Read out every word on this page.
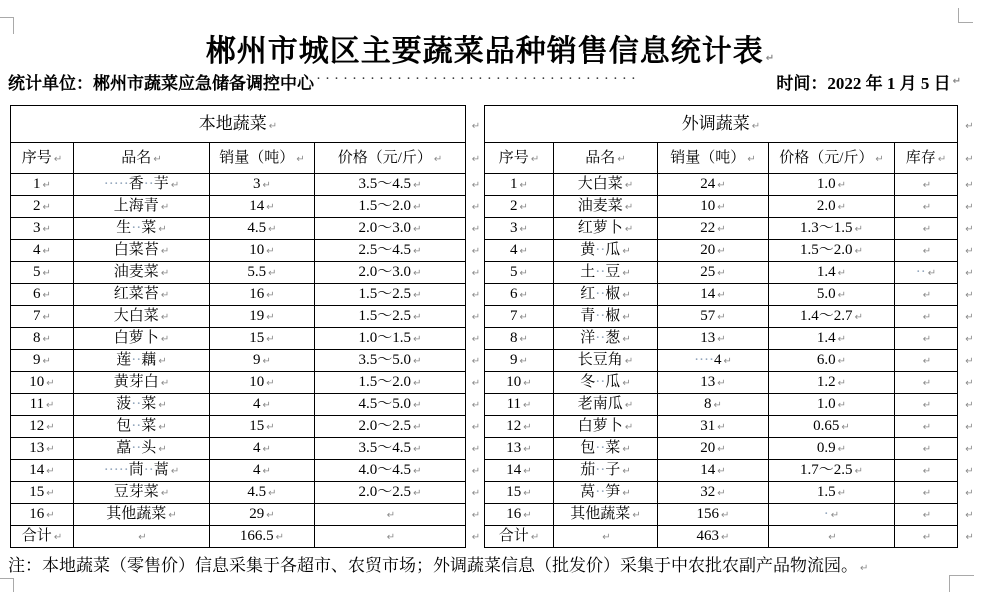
郴州市城区主要蔬菜品种销售信息统计表 ↵
统计单位：郴州市蔬菜应急储备调控中心 ····································	时间：2022 年 1 月 5 日 ↵
本地蔬菜 ↵				↵	外调蔬菜 ↵					↵
序号 ↵	品名 ↵	销量（吨） ↵	价格（元/斤） ↵	↵	序号 ↵	品名 ↵	销量（吨） ↵	价格（元/斤） ↵	库存 ↵	↵
1 ↵	·····香··芋 ↵	3 ↵	3.5～4.5 ↵	↵	1 ↵	大白菜 ↵	24 ↵	1.0 ↵	↵	↵
2 ↵	上海青 ↵	14 ↵	1.5～2.0 ↵	↵	2 ↵	油麦菜 ↵	10 ↵	2.0 ↵	↵	↵
3 ↵	生··菜 ↵	4.5 ↵	2.0～3.0 ↵	↵	3 ↵	红萝卜 ↵	22 ↵	1.3～1.5 ↵	↵	↵
4 ↵	白菜苔 ↵	10 ↵	2.5～4.5 ↵	↵	4 ↵	黄··瓜 ↵	20 ↵	1.5～2.0 ↵	↵	↵
5 ↵	油麦菜 ↵	5.5 ↵	2.0～3.0 ↵	↵	5 ↵	土··豆 ↵	25 ↵	1.4 ↵	·· ↵	↵
6 ↵	红菜苔 ↵	16 ↵	1.5～2.5 ↵	↵	6 ↵	红··椒 ↵	14 ↵	5.0 ↵	↵	↵
7 ↵	大白菜 ↵	19 ↵	1.5～2.5 ↵	↵	7 ↵	青··椒 ↵	57 ↵	1.4～2.7 ↵	↵	↵
8 ↵	白萝卜 ↵	15 ↵	1.0～1.5 ↵	↵	8 ↵	洋··葱 ↵	13 ↵	1.4 ↵	↵	↵
9 ↵	莲··藕 ↵	9 ↵	3.5～5.0 ↵	↵	9 ↵	长豆角 ↵	····4 ↵	6.0 ↵	↵	↵
10 ↵	黄芽白 ↵	10 ↵	1.5～2.0 ↵	↵	10 ↵	冬··瓜 ↵	13 ↵	1.2 ↵	↵	↵
11 ↵	菠··菜 ↵	4 ↵	4.5～5.0 ↵	↵	11 ↵	老南瓜 ↵	8 ↵	1.0 ↵	↵	↵
12 ↵	包··菜 ↵	15 ↵	2.0～2.5 ↵	↵	12 ↵	白萝卜 ↵	31 ↵	0.65 ↵	↵	↵
13 ↵	藠··头 ↵	4 ↵	3.5～4.5 ↵	↵	13 ↵	包··菜 ↵	20 ↵	0.9 ↵	↵	↵
14 ↵	·····茼··蒿 ↵	4 ↵	4.0～4.5 ↵	↵	14 ↵	茄··子 ↵	14 ↵	1.7～2.5 ↵	↵	↵
15 ↵	豆芽菜 ↵	4.5 ↵	2.0～2.5 ↵	↵	15 ↵	莴··笋 ↵	32 ↵	1.5 ↵	↵	↵
16 ↵	其他蔬菜 ↵	29 ↵	↵	↵	16 ↵	其他蔬菜 ↵	156 ↵	· ↵	↵	↵
合计 ↵	↵	166.5 ↵	↵	↵	合计 ↵	↵	463 ↵	↵	↵	↵
注：本地蔬菜（零售价）信息采集于各超市、农贸市场；外调蔬菜信息（批发价）采集于中农批农副产品物流园。 ↵
